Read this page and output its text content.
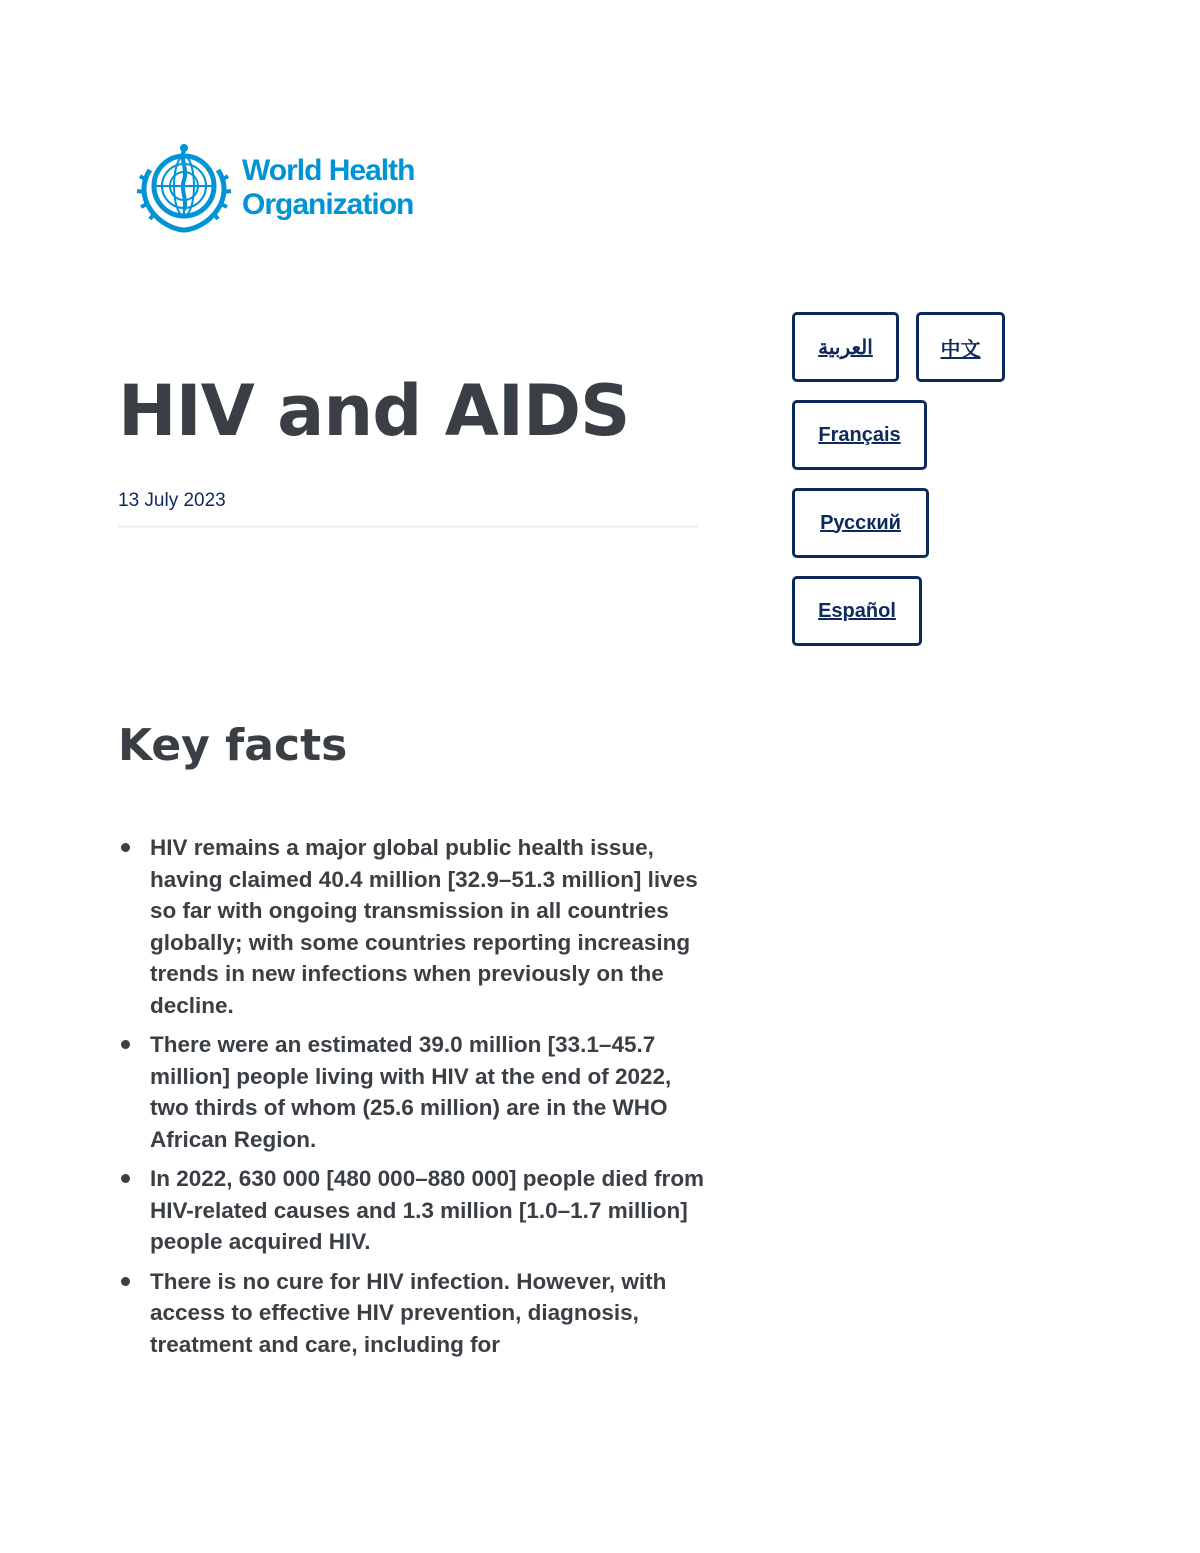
World Health
Organization
HIV and AIDS
13 July 2023
العربية	中文
Français
Русский
Español
Key facts
HIV remains a major global public health issue, having claimed 40.4 million [32.9–51.3 million] lives so far with ongoing transmission in all countries globally; with some countries reporting increasing trends in new infections when previously on the decline.
There were an estimated 39.0 million [33.1–45.7 million] people living with HIV at the end of 2022, two thirds of whom (25.6 million) are in the WHO African Region.
In 2022, 630 000 [480 000–880 000] people died from HIV-related causes and 1.3 million [1.0–1.7 million] people acquired HIV.
There is no cure for HIV infection. However, with access to effective HIV prevention, diagnosis, treatment and care, including for
